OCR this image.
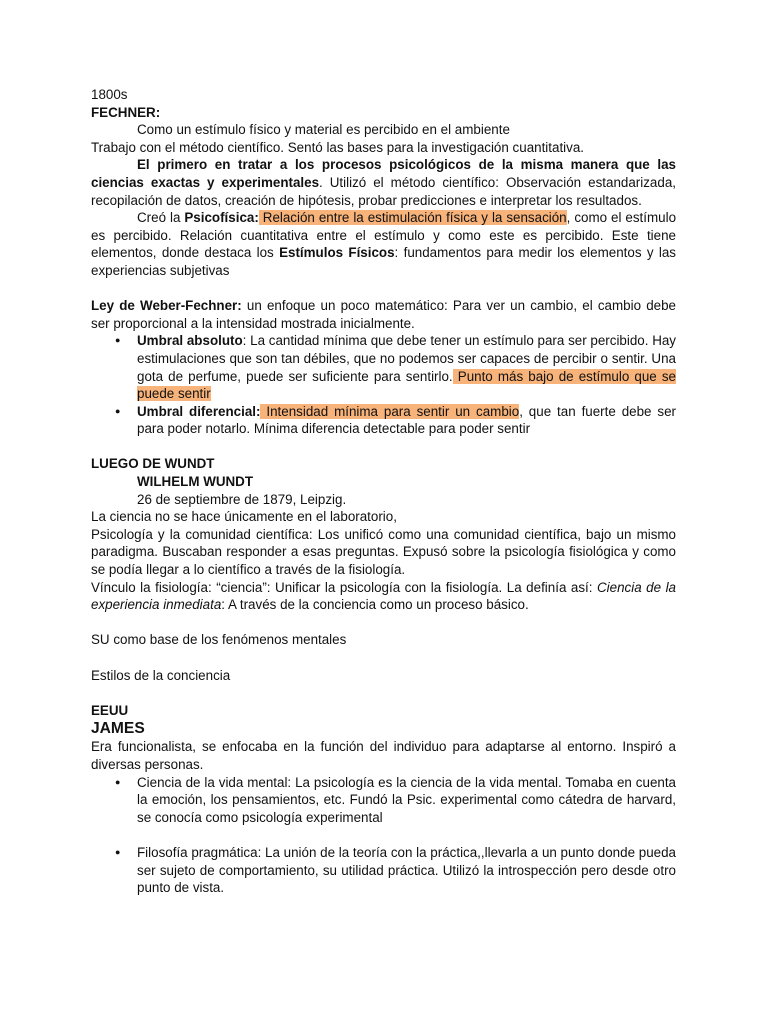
1800s
FECHNER:
Como un estímulo físico y material es percibido en el ambiente
Trabajo con el método científico. Sentó las bases para la investigación cuantitativa.
El primero en tratar a los procesos psicológicos de la misma manera que las ciencias exactas y experimentales. Utilizó el método científico: Observación estandarizada, recopilación de datos, creación de hipótesis, probar predicciones e interpretar los resultados.
Creó la Psicofísica: Relación entre la estimulación física y la sensación, como el estímulo es percibido. Relación cuantitativa entre el estímulo y como este es percibido. Este tiene elementos, donde destaca los Estímulos Físicos: fundamentos para medir los elementos y las experiencias subjetivas
Ley de Weber-Fechner: un enfoque un poco matemático: Para ver un cambio, el cambio debe ser proporcional a la intensidad mostrada inicialmente.
● Umbral absoluto: La cantidad mínima que debe tener un estímulo para ser percibido. Hay estimulaciones que son tan débiles, que no podemos ser capaces de percibir o sentir. Una gota de perfume, puede ser suficiente para sentirlo. Punto más bajo de estímulo que se puede sentir
● Umbral diferencial: Intensidad mínima para sentir un cambio, que tan fuerte debe ser para poder notarlo. Mínima diferencia detectable para poder sentir
LUEGO DE WUNDT
WILHELM WUNDT
26 de septiembre de 1879, Leipzig.
La ciencia no se hace únicamente en el laboratorio,
Psicología y la comunidad científica: Los unificó como una comunidad científica, bajo un mismo paradigma. Buscaban responder a esas preguntas. Expusó sobre la psicología fisiológica y como se podía llegar a lo científico a través de la fisiología.
Vínculo la fisiología: “ciencia”: Unificar la psicología con la fisiología. La definía así: Ciencia de la experiencia inmediata: A través de la conciencia como un proceso básico.
SU como base de los fenómenos mentales
Estilos de la conciencia
EEUU
JAMES
Era funcionalista, se enfocaba en la función del individuo para adaptarse al entorno. Inspiró a diversas personas.
● Ciencia de la vida mental: La psicología es la ciencia de la vida mental. Tomaba en cuenta la emoción, los pensamientos, etc. Fundó la Psic. experimental como cátedra de harvard, se conocía como psicología experimental
● Filosofía pragmática: La unión de la teoría con la práctica,,llevarla a un punto donde pueda ser sujeto de comportamiento, su utilidad práctica. Utilizó la introspección pero desde otro punto de vista.
